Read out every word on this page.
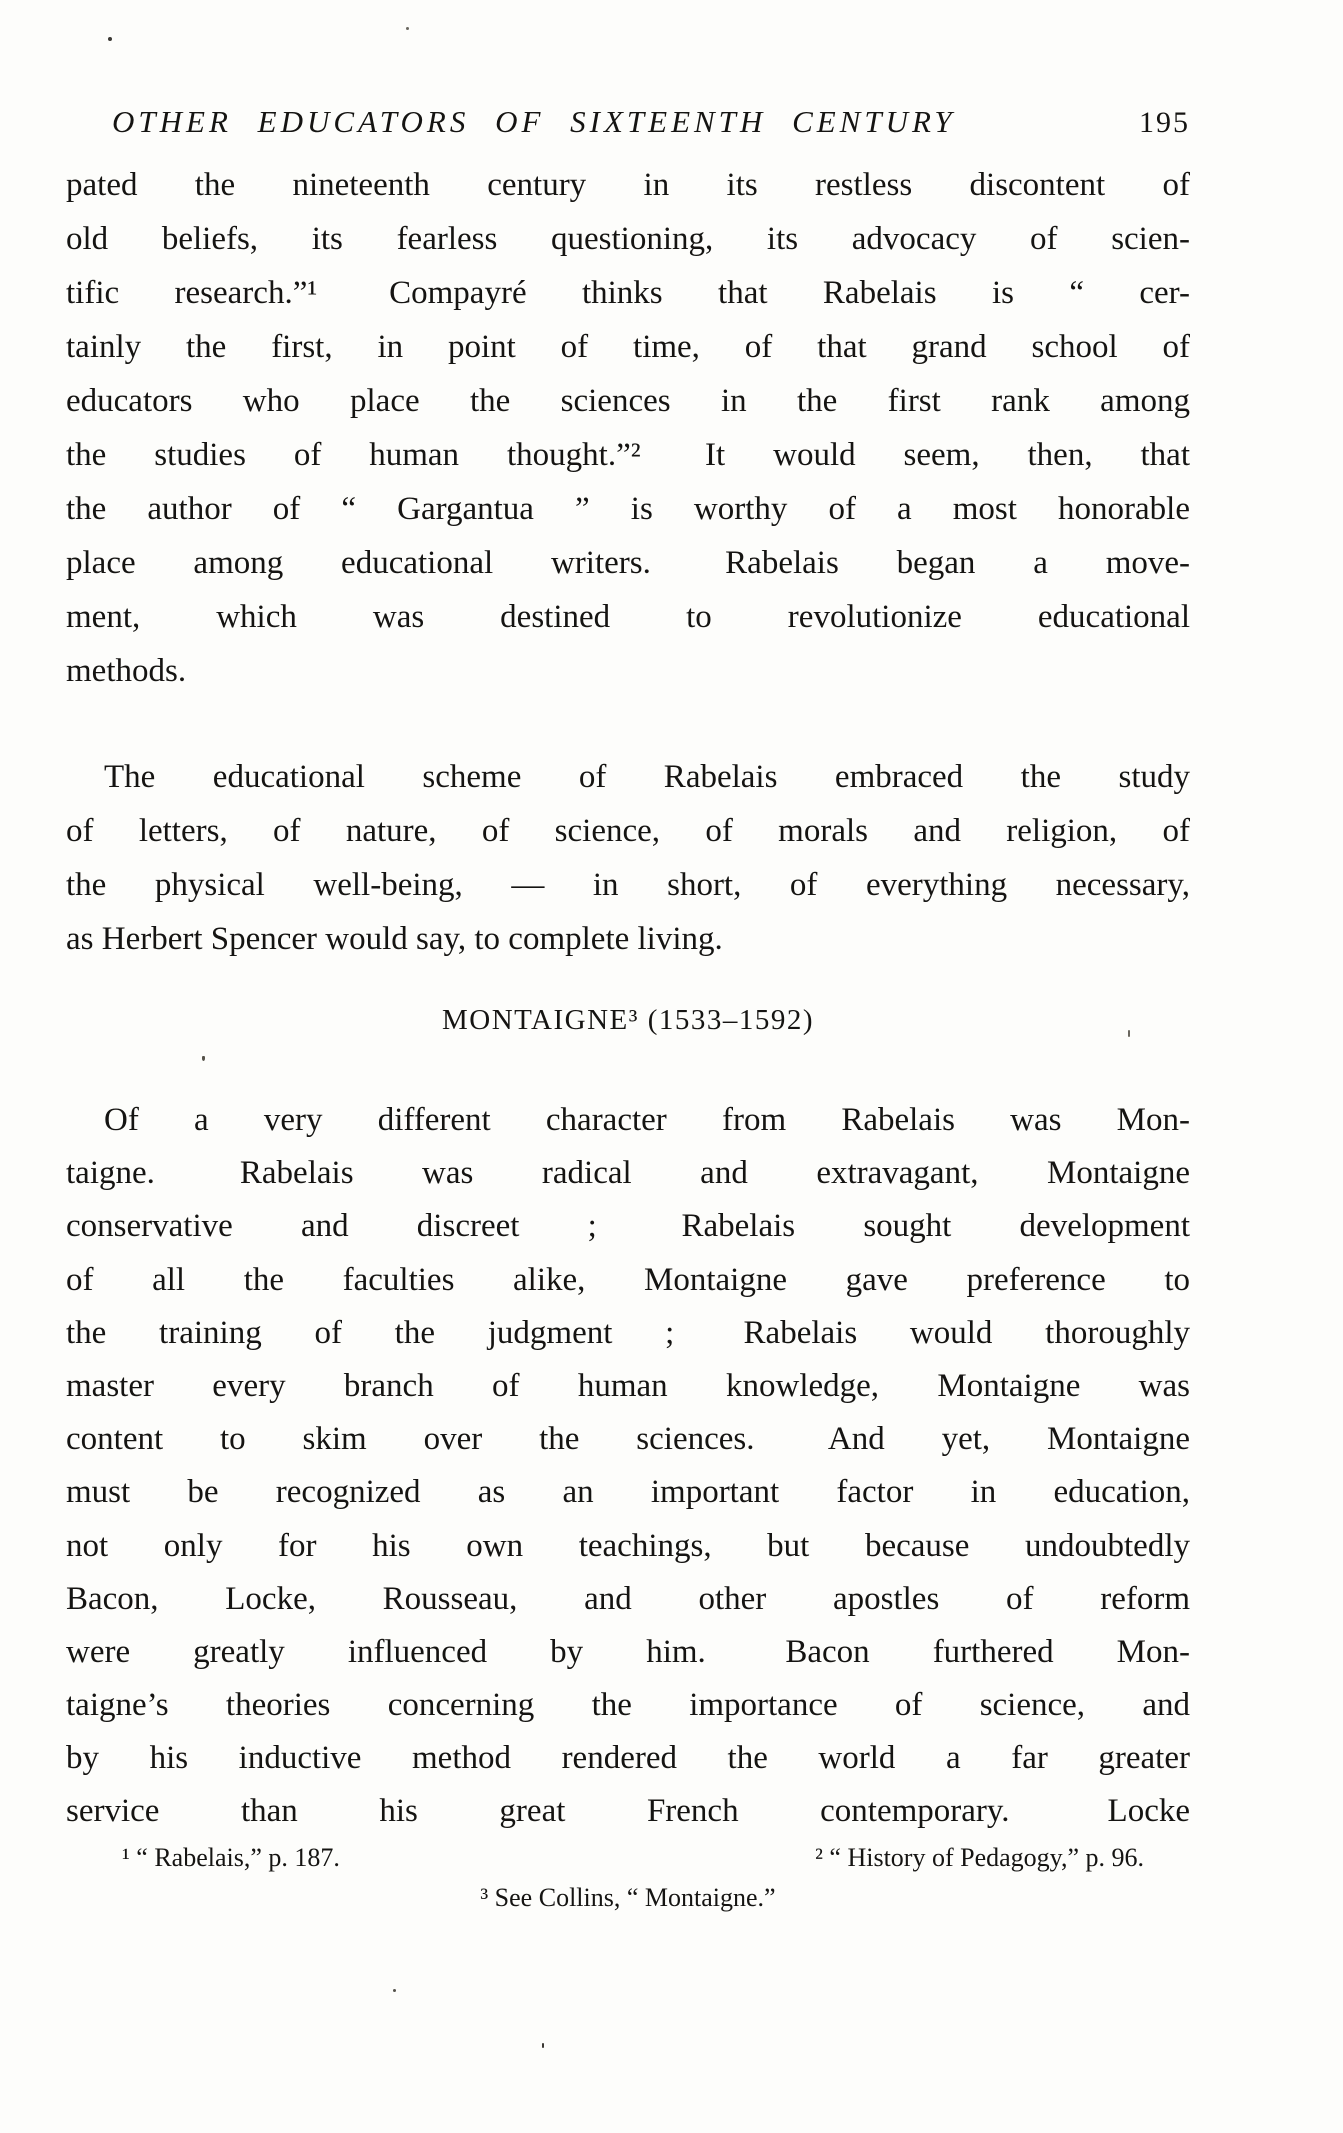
OTHER EDUCATORS OF SIXTEENTH CENTURY	195
pated the nineteenth century in its restless discontent of
old beliefs, its fearless questioning, its advocacy of scien-
tific research.”¹  Compayré thinks that Rabelais is “ cer-
tainly the first, in point of time, of that grand school of
educators who place the sciences in the first rank among
the studies of human thought.”²  It would seem, then, that
the author of “ Gargantua ” is worthy of a most honorable
place among educational writers.  Rabelais began a move-
ment, which was destined to revolutionize educational
methods.
The educational scheme of Rabelais embraced the study
of letters, of nature, of science, of morals and religion, of
the physical well-being, — in short, of everything necessary,
as Herbert Spencer would say, to complete living.
MONTAIGNE³ (1533–1592)
Of a very different character from Rabelais was Mon-
taigne.  Rabelais was radical and extravagant, Montaigne
conservative and discreet ;  Rabelais sought development
of all the faculties alike, Montaigne gave preference to
the training of the judgment ;  Rabelais would thoroughly
master every branch of human knowledge, Montaigne was
content to skim over the sciences.  And yet, Montaigne
must be recognized as an important factor in education,
not only for his own teachings, but because undoubtedly
Bacon, Locke, Rousseau, and other apostles of reform
were greatly influenced by him.  Bacon furthered Mon-
taigne’s theories concerning the importance of science, and
by his inductive method rendered the world a far greater
service than his great French contemporary.  Locke
¹ “ Rabelais,” p. 187.	² “ History of Pedagogy,” p. 96.
³ See Collins, “ Montaigne.”
